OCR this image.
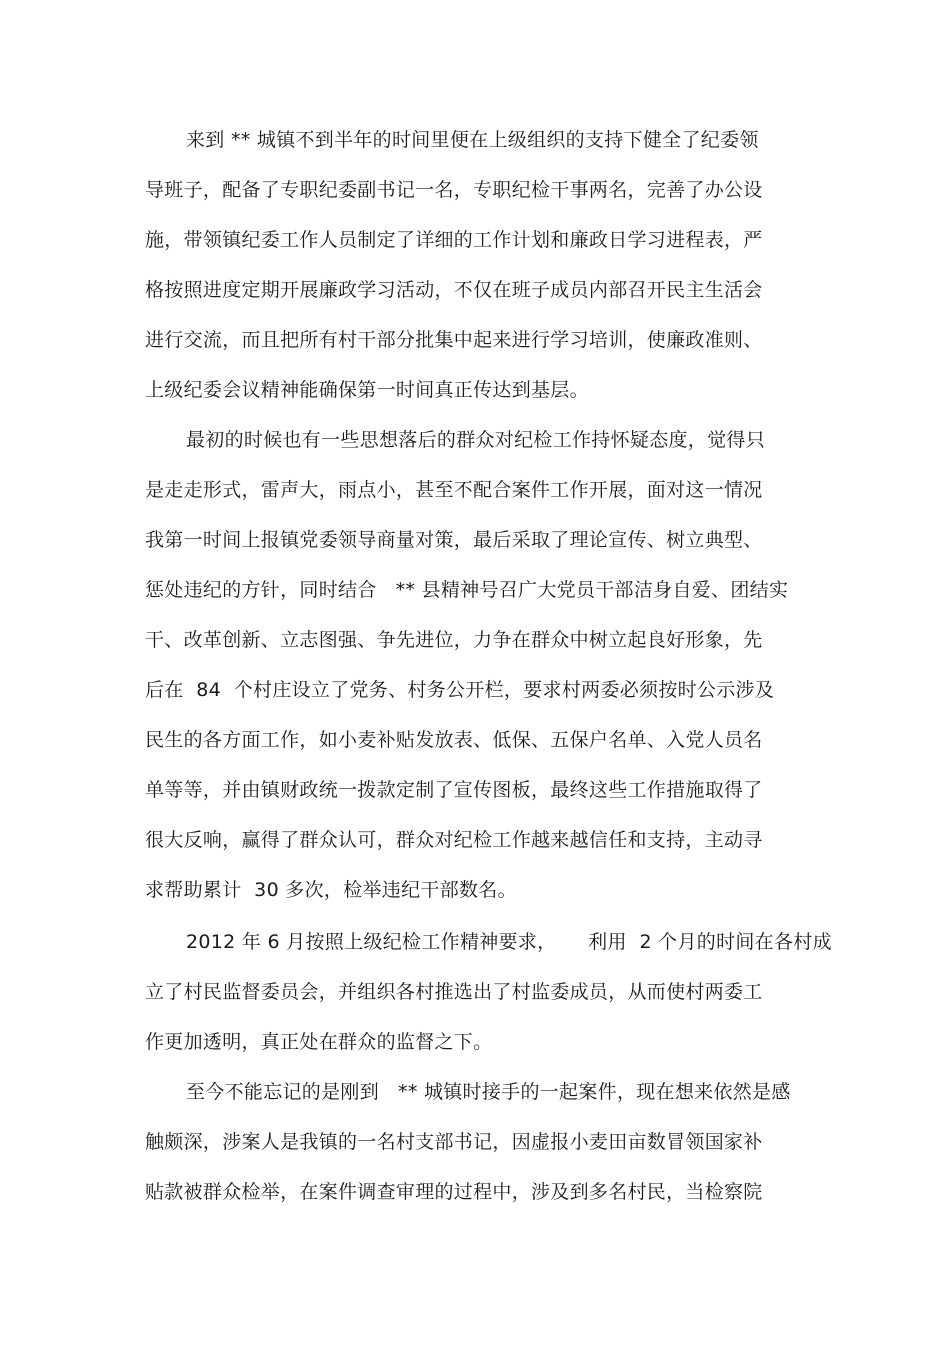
来到 ** 城镇不到半年的时间里便在上级组织的支持下健全了纪委领
导班子，配备了专职纪委副书记一名，专职纪检干事两名，完善了办公设
施，带领镇纪委工作人员制定了详细的工作计划和廉政日学习进程表，严
格按照进度定期开展廉政学习活动，不仅在班子成员内部召开民主生活会
进行交流，而且把所有村干部分批集中起来进行学习培训，使廉政准则、
上级纪委会议精神能确保第一时间真正传达到基层。
最初的时候也有一些思想落后的群众对纪检工作持怀疑态度，觉得只
是走走形式，雷声大，雨点小，甚至不配合案件工作开展，面对这一情况
我第一时间上报镇党委领导商量对策，最后采取了理论宣传、树立典型、
惩处违纪的方针，同时结合   ** 县精神号召广大党员干部洁身自爱、团结实
干、改革创新、立志图强、争先进位，力争在群众中树立起良好形象，先
后在  84  个村庄设立了党务、村务公开栏，要求村两委必须按时公示涉及
民生的各方面工作，如小麦补贴发放表、低保、五保户名单、入党人员名
单等等，并由镇财政统一拨款定制了宣传图板，最终这些工作措施取得了
很大反响，赢得了群众认可，群众对纪检工作越来越信任和支持，主动寻
求帮助累计  30 多次，检举违纪干部数名。
2012 年 6 月按照上级纪检工作精神要求，     利用  2 个月的时间在各村成
立了村民监督委员会，并组织各村推选出了村监委成员，从而使村两委工
作更加透明，真正处在群众的监督之下。
至今不能忘记的是刚到   ** 城镇时接手的一起案件，现在想来依然是感
触颇深，涉案人是我镇的一名村支部书记，因虚报小麦田亩数冒领国家补
贴款被群众检举，在案件调查审理的过程中，涉及到多名村民，当检察院
